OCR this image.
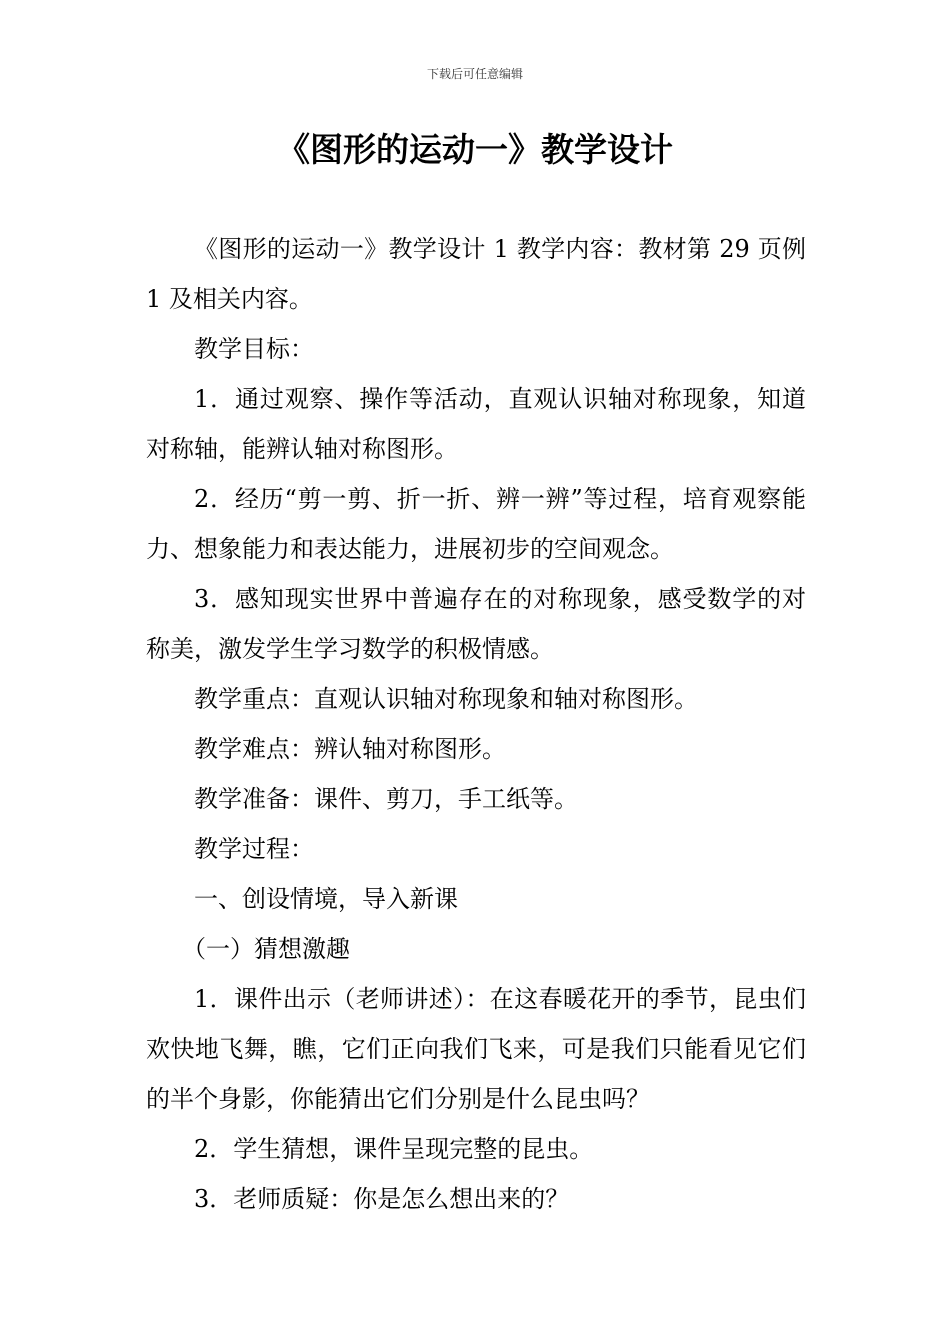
下载后可任意编辑
《图形的运动一》教学设计

《图形的运动一》教学设计 1 教学内容：教材第 29 页例 1 及相关内容。

教学目标：

1．通过观察、操作等活动，直观认识轴对称现象，知道对称轴，能辨认轴对称图形。

2．经历“剪一剪、折一折、辨一辨”等过程，培育观察能力、想象能力和表达能力，进展初步的空间观念。

3．感知现实世界中普遍存在的对称现象，感受数学的对称美，激发学生学习数学的积极情感。

教学重点：直观认识轴对称现象和轴对称图形。

教学难点：辨认轴对称图形。

教学准备：课件、剪刀，手工纸等。

教学过程：

一、创设情境，导入新课

（一）猜想激趣

1．课件出示（老师讲述）：在这春暖花开的季节，昆虫们欢快地飞舞，瞧，它们正向我们飞来，可是我们只能看见它们的半个身影，你能猜出它们分别是什么昆虫吗？

2．学生猜想，课件呈现完整的昆虫。

3．老师质疑：你是怎么想出来的？
